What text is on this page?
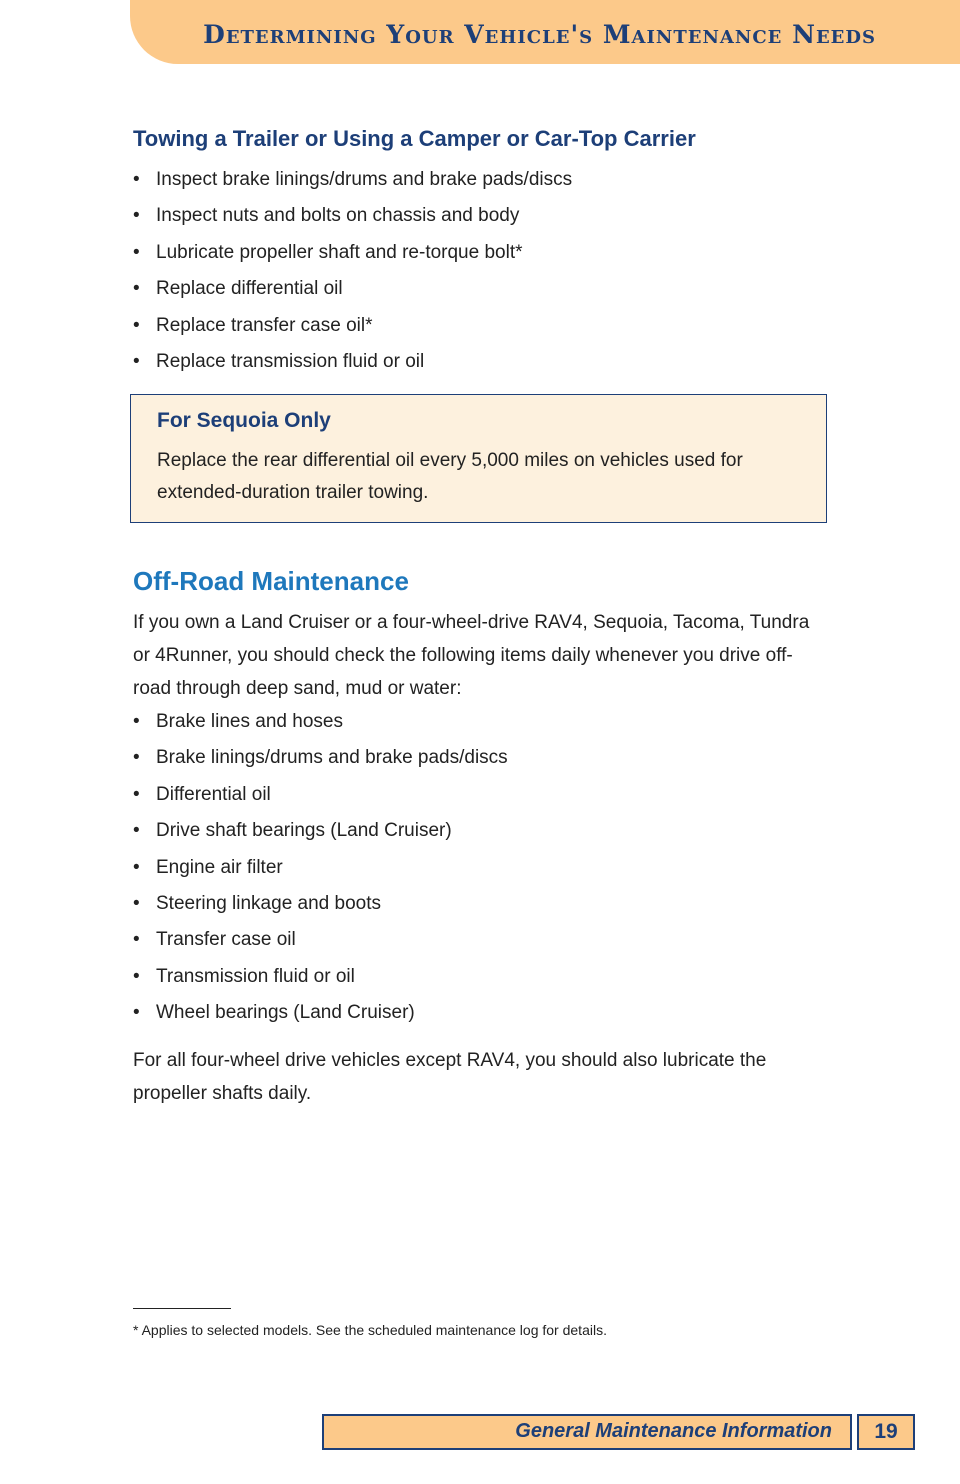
Determining Your Vehicle's Maintenance Needs
Towing a Trailer or Using a Camper or Car-Top Carrier
• Inspect brake linings/drums and brake pads/discs
• Inspect nuts and bolts on chassis and body
• Lubricate propeller shaft and re-torque bolt*
• Replace differential oil
• Replace transfer case oil*
• Replace transmission fluid or oil
For Sequoia Only
Replace the rear differential oil every 5,000 miles on vehicles used for extended-duration trailer towing.
Off-Road Maintenance
If you own a Land Cruiser or a four-wheel-drive RAV4, Sequoia, Tacoma, Tundra or 4Runner, you should check the following items daily whenever you drive off-road through deep sand, mud or water:
• Brake lines and hoses
• Brake linings/drums and brake pads/discs
• Differential oil
• Drive shaft bearings (Land Cruiser)
• Engine air filter
• Steering linkage and boots
• Transfer case oil
• Transmission fluid or oil
• Wheel bearings (Land Cruiser)
For all four-wheel drive vehicles except RAV4, you should also lubricate the propeller shafts daily.
* Applies to selected models. See the scheduled maintenance log for details.
General Maintenance Information	19
